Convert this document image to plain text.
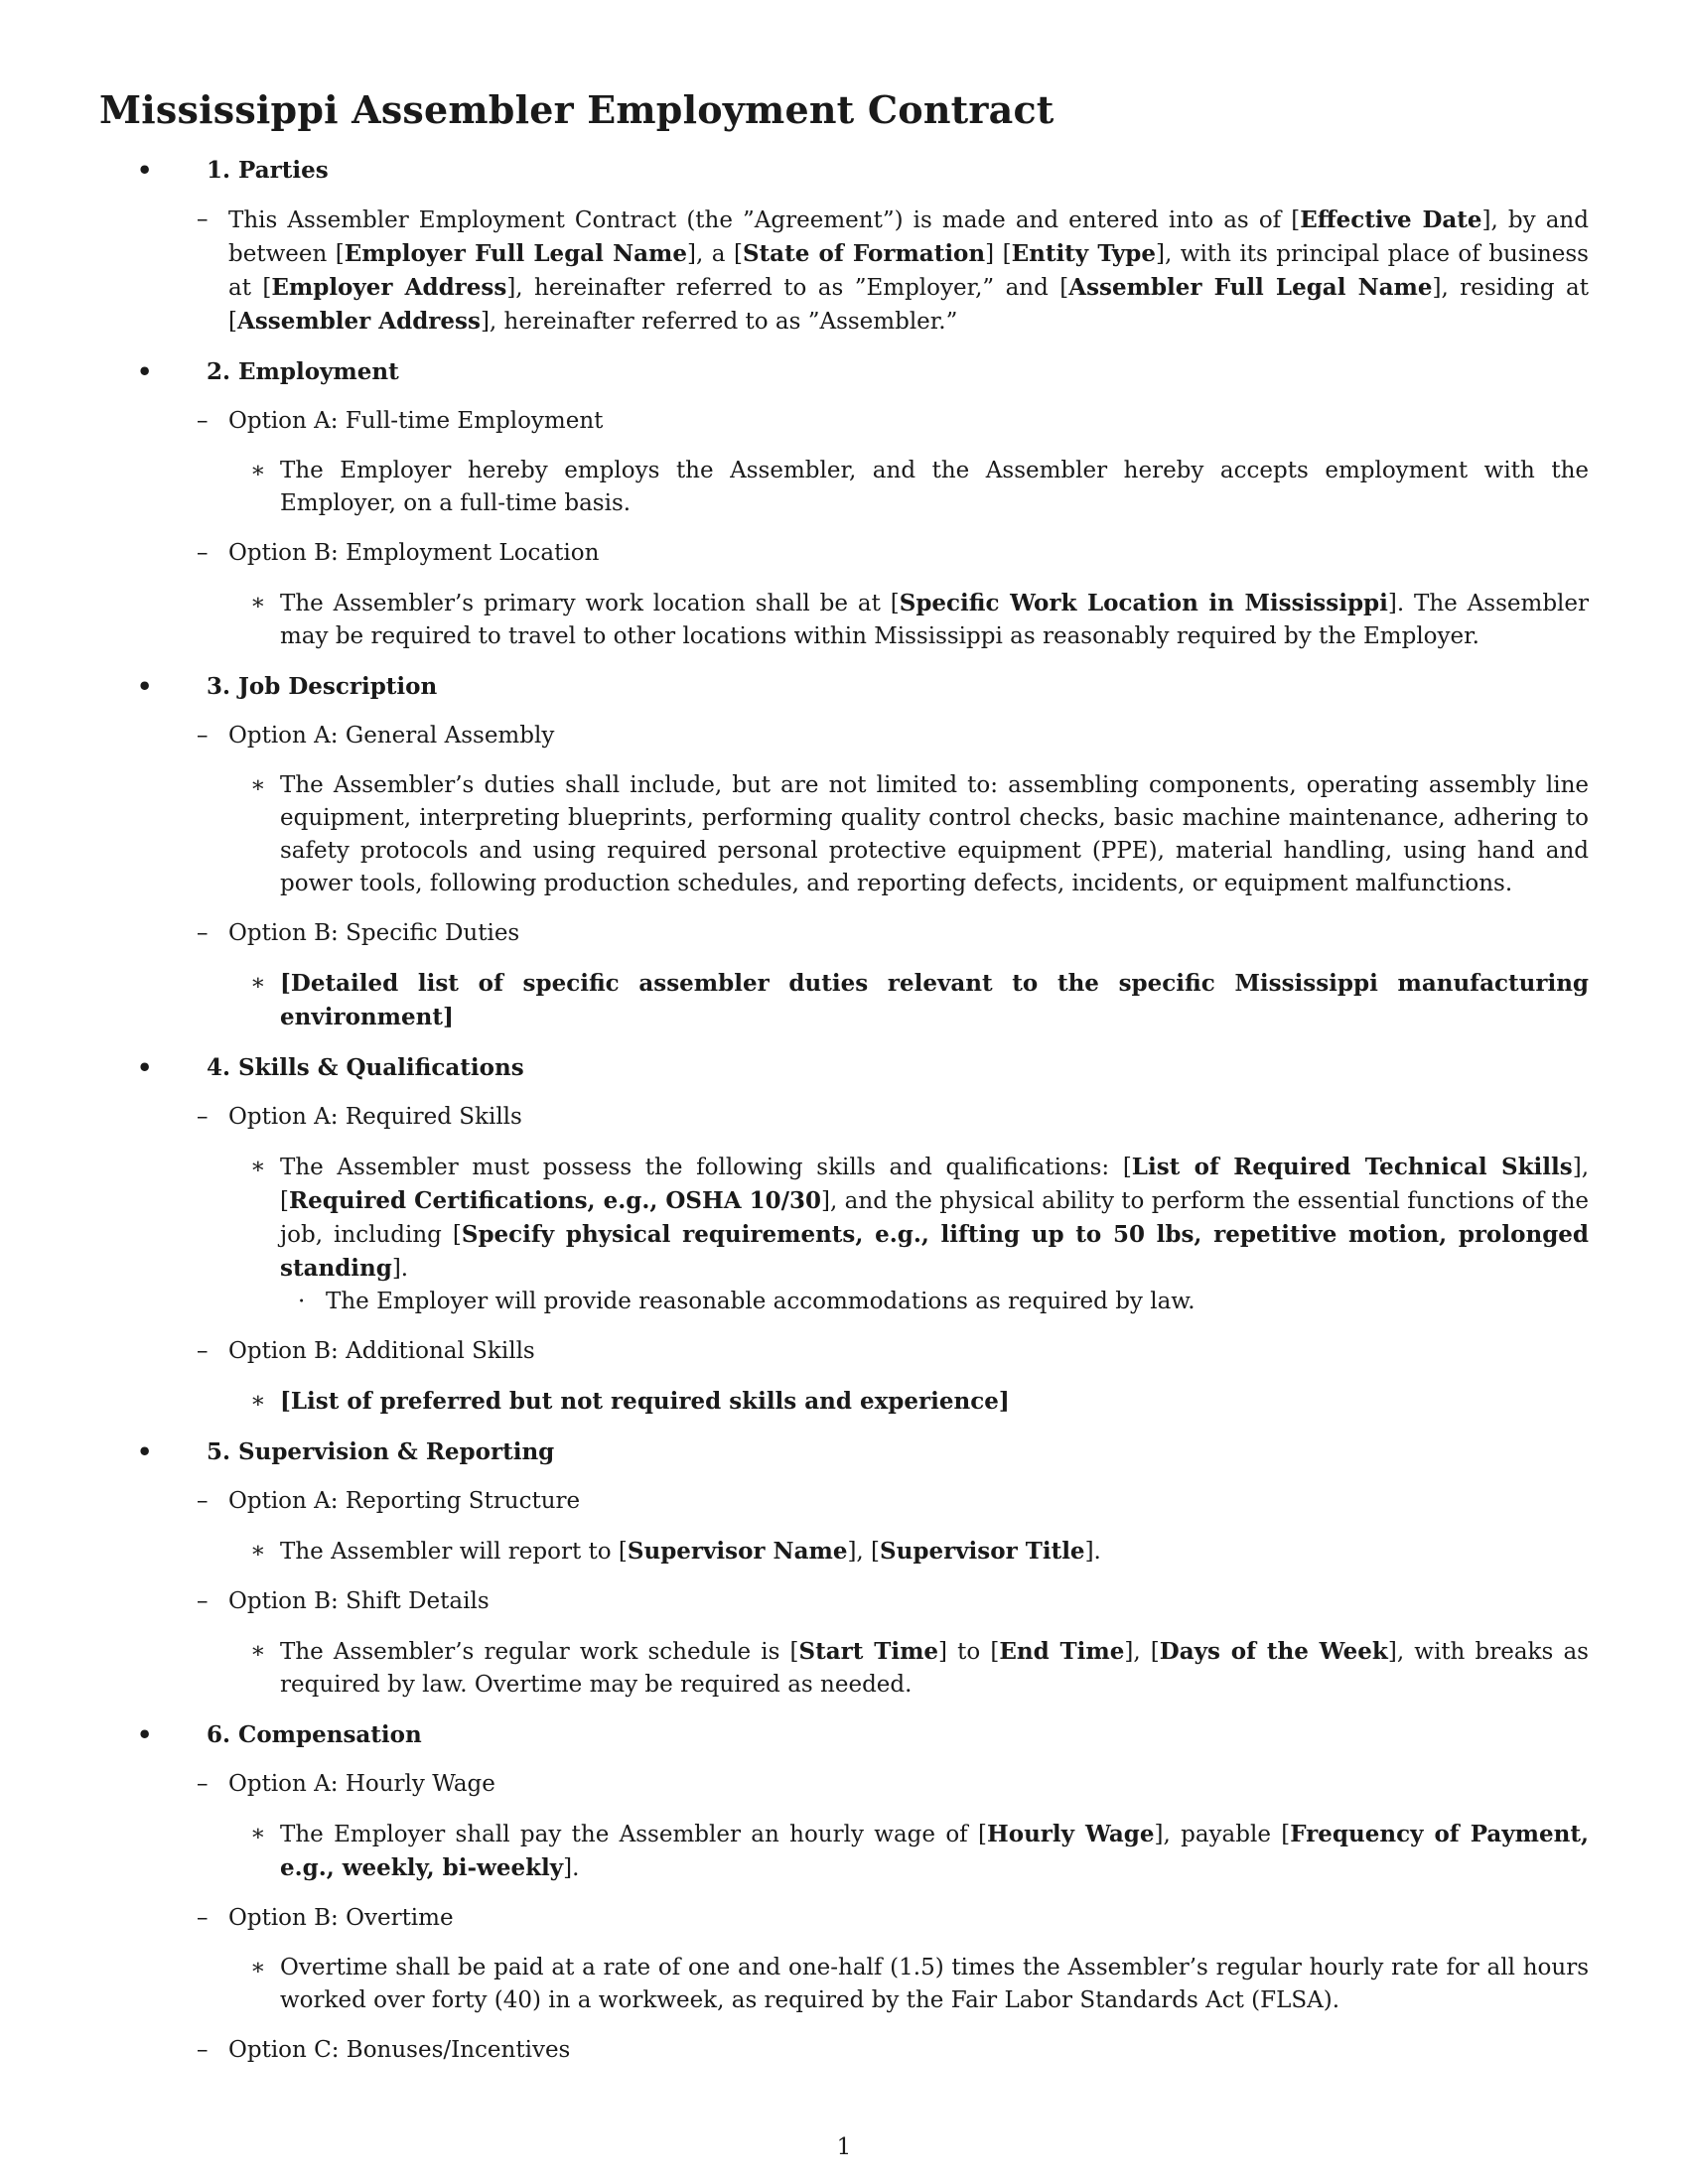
Mississippi Assembler Employment Contract
• 1. Parties
– This Assembler Employment Contract (the ”Agreement”) is made and entered into as of [Effective Date], by and between [Employer Full Legal Name], a [State of Formation] [Entity Type], with its principal place of business at [Employer Address], hereinafter referred to as ”Employer,” and [Assembler Full Legal Name], residing at [Assembler Address], hereinafter referred to as ”Assembler.”
• 2. Employment
– Option A: Full-time Employment
∗ The Employer hereby employs the Assembler, and the Assembler hereby accepts employment with the Employer, on a full-time basis.
– Option B: Employment Location
∗ The Assembler’s primary work location shall be at [Specific Work Location in Mississippi]. The Assembler may be required to travel to other locations within Mississippi as reasonably required by the Employer.
• 3. Job Description
– Option A: General Assembly
∗ The Assembler’s duties shall include, but are not limited to: assembling components, operating assembly line equipment, interpreting blueprints, performing quality control checks, basic machine maintenance, adhering to safety protocols and using required personal protective equipment (PPE), material handling, using hand and power tools, following production schedules, and reporting defects, incidents, or equipment malfunctions.
– Option B: Specific Duties
∗ [Detailed list of specific assembler duties relevant to the specific Mississippi manufacturing environment]
• 4. Skills & Qualifications
– Option A: Required Skills
∗ The Assembler must possess the following skills and qualifications: [List of Required Technical Skills], [Required Certifications, e.g., OSHA 10/30], and the physical ability to perform the essential functions of the job, including [Specify physical requirements, e.g., lifting up to 50 lbs, repetitive motion, prolonged standing].
· The Employer will provide reasonable accommodations as required by law.
– Option B: Additional Skills
∗ [List of preferred but not required skills and experience]
• 5. Supervision & Reporting
– Option A: Reporting Structure
∗ The Assembler will report to [Supervisor Name], [Supervisor Title].
– Option B: Shift Details
∗ The Assembler’s regular work schedule is [Start Time] to [End Time], [Days of the Week], with breaks as required by law. Overtime may be required as needed.
• 6. Compensation
– Option A: Hourly Wage
∗ The Employer shall pay the Assembler an hourly wage of [Hourly Wage], payable [Frequency of Payment, e.g., weekly, bi-weekly].
– Option B: Overtime
∗ Overtime shall be paid at a rate of one and one-half (1.5) times the Assembler’s regular hourly rate for all hours worked over forty (40) in a workweek, as required by the Fair Labor Standards Act (FLSA).
– Option C: Bonuses/Incentives
1
